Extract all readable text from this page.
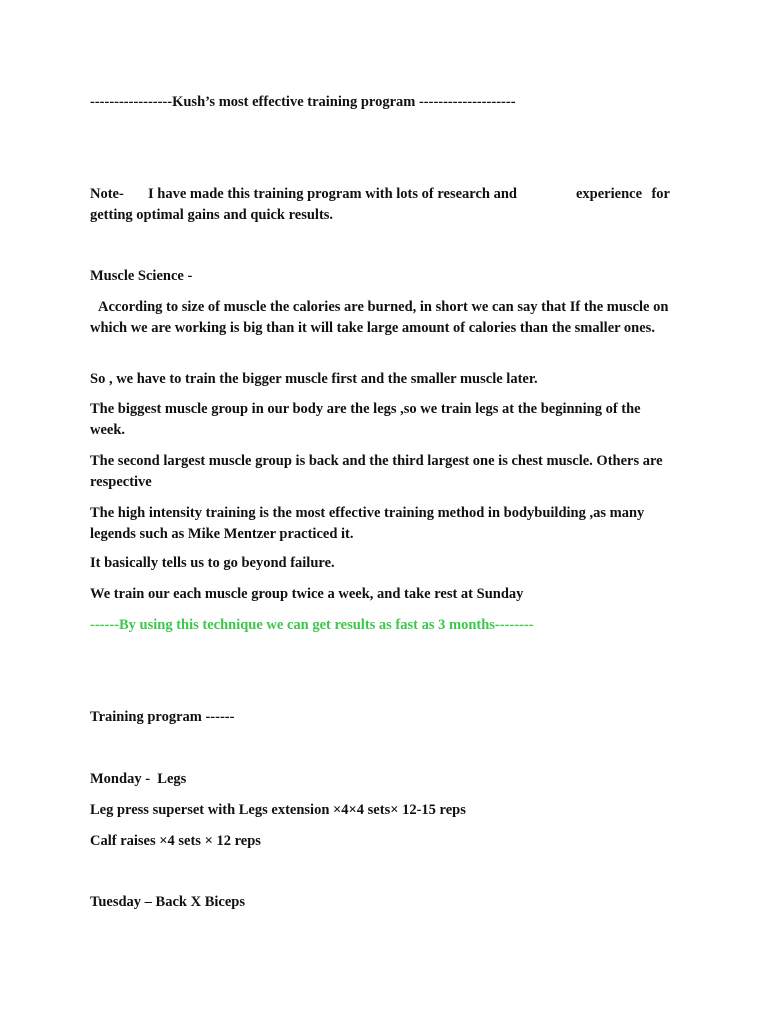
-----------------Kush’s most effective training program --------------------

Note- I have made this training program with lots of research and	experience for getting optimal gains and quick results.

Muscle Science -

According to size of muscle the calories are burned, in short we can say that If the muscle on which we are working is big than it will take large amount of calories than the smaller ones.

So , we have to train the bigger muscle first and the smaller muscle later.

The biggest muscle group in our body are the legs ,so we train legs at the beginning of the week.

The second largest muscle group is back and the third largest one is chest muscle. Others are respective

The high intensity training is the most effective training method in bodybuilding ,as many legends such as Mike Mentzer practiced it.

It basically tells us to go beyond failure.

We train our each muscle group twice a week, and take rest at Sunday

------By using this technique we can get results as fast as 3 months--------

Training program ------

Monday -  Legs

Leg press superset with Legs extension ×4×4 sets× 12-15 reps

Calf raises ×4 sets × 12 reps

Tuesday – Back X Biceps
